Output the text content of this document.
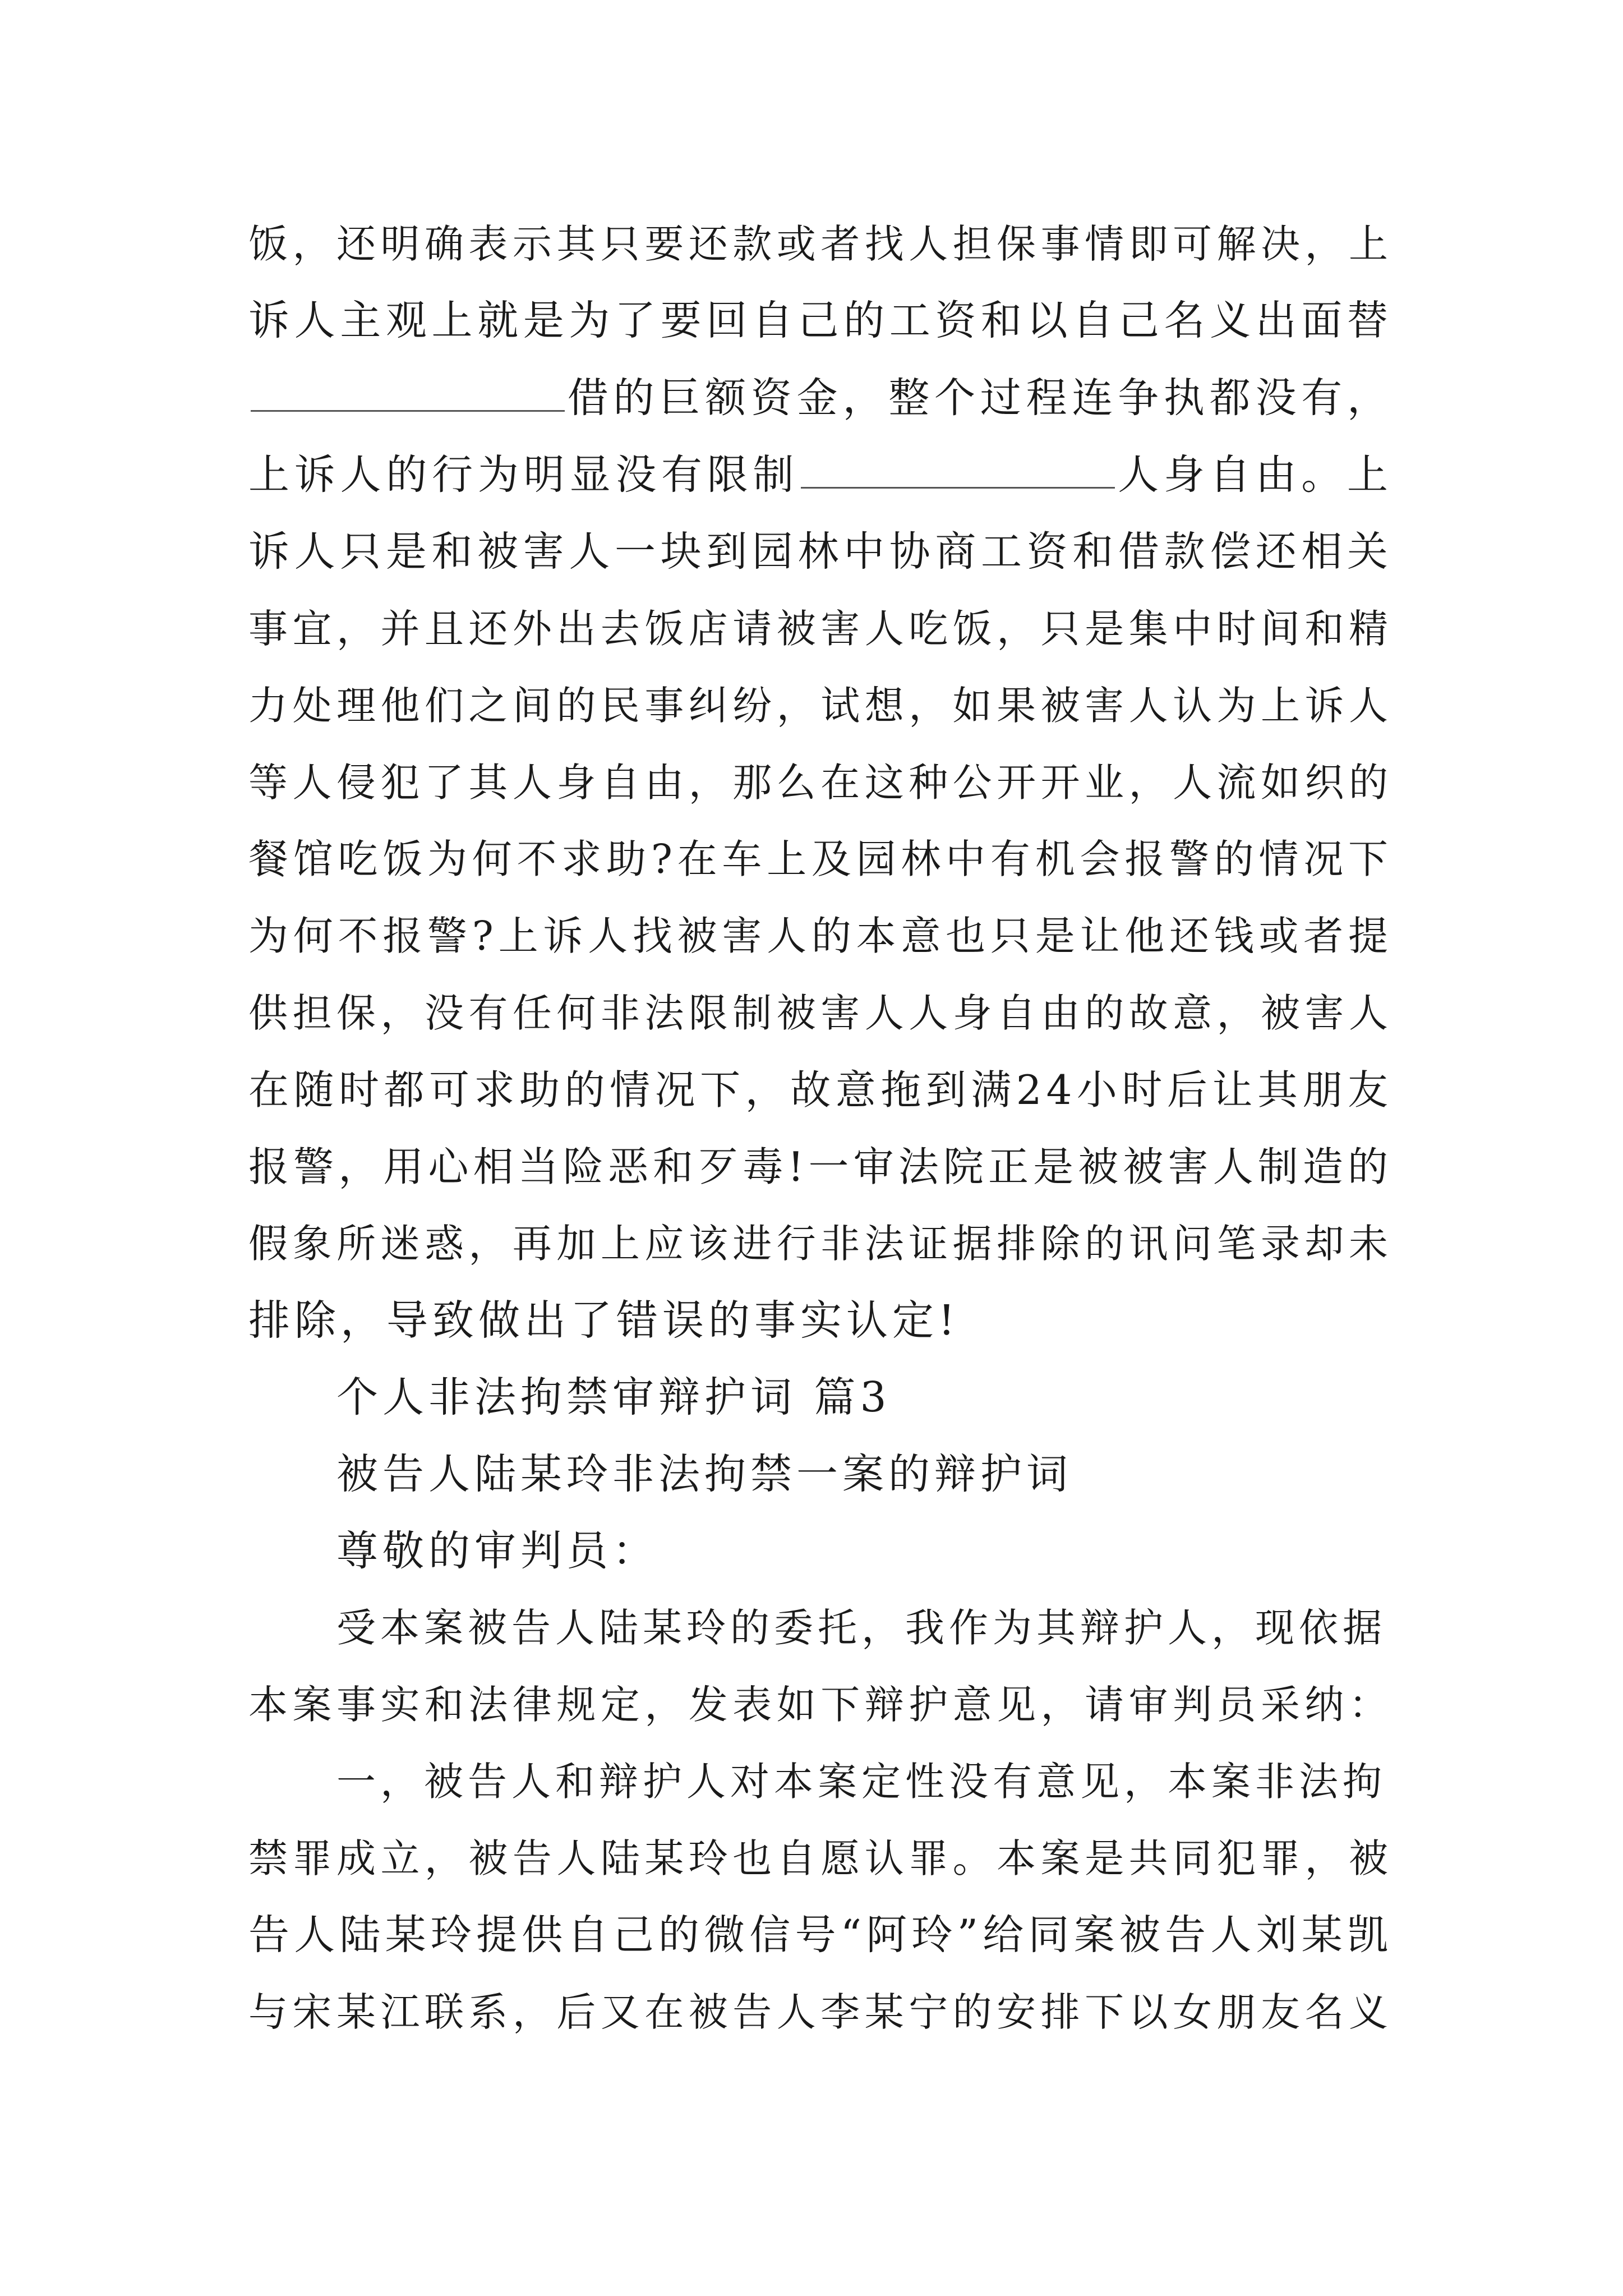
饭，还明确表示其只要还款或者找人担保事情即可解决，上
诉人主观上就是为了要回自己的工资和以自己名义出面替
借的巨额资金，整个过程连争执都没有，
上诉人的行为明显没有限制	人身自由。上
诉人只是和被害人一块到园林中协商工资和借款偿还相关
事宜，并且还外出去饭店请被害人吃饭，只是集中时间和精
力处理他们之间的民事纠纷，试想，如果被害人认为上诉人
等人侵犯了其人身自由，那么在这种公开开业，人流如织的
餐馆吃饭为何不求助?在车上及园林中有机会报警的情况下
为何不报警?上诉人找被害人的本意也只是让他还钱或者提
供担保，没有任何非法限制被害人人身自由的故意，被害人
在随时都可求助的情况下，故意拖到满24小时后让其朋友
报警，用心相当险恶和歹毒!一审法院正是被被害人制造的
假象所迷惑，再加上应该进行非法证据排除的讯问笔录却未
排除，导致做出了错误的事实认定!
个人非法拘禁审辩护词 篇3
被告人陆某玲非法拘禁一案的辩护词
尊敬的审判员：
受本案被告人陆某玲的委托，我作为其辩护人，现依据
本案事实和法律规定，发表如下辩护意见，请审判员采纳：
一，被告人和辩护人对本案定性没有意见，本案非法拘
禁罪成立，被告人陆某玲也自愿认罪。本案是共同犯罪，被
告人陆某玲提供自己的微信号“阿玲”给同案被告人刘某凯
与宋某江联系，后又在被告人李某宁的安排下以女朋友名义
